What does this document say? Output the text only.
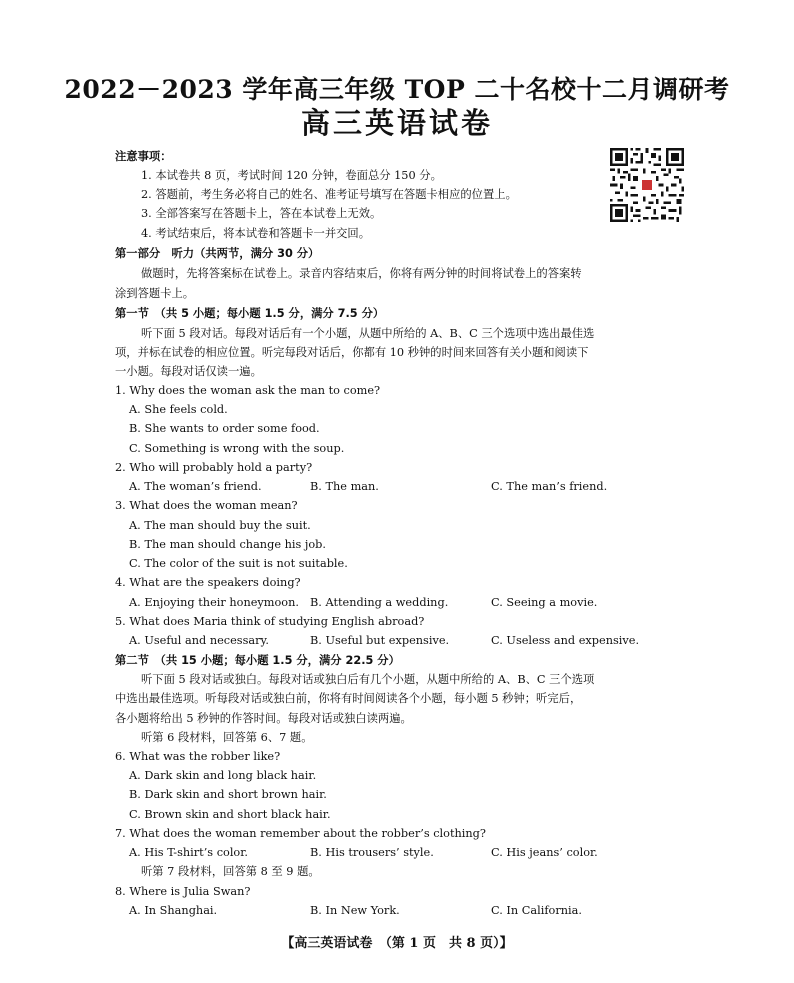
2022－2023 学年高三年级 TOP 二十名校十二月调研考
高三英语试卷
注意事项：
1. 本试卷共 8 页，考试时间 120 分钟，卷面总分 150 分。
2. 答题前，考生务必将自己的姓名、准考证号填写在答题卡相应的位置上。
3. 全部答案写在答题卡上，答在本试卷上无效。
4. 考试结束后，将本试卷和答题卡一并交回。
第一部分　听力（共两节，满分 30 分）
做题时，先将答案标在试卷上。录音内容结束后，你将有两分钟的时间将试卷上的答案转
涂到答题卡上。
第一节　（共 5 小题；每小题 1.5 分，满分 7.5 分）
听下面 5 段对话。每段对话后有一个小题，从题中所给的 A、B、C 三个选项中选出最佳选
项，并标在试卷的相应位置。听完每段对话后，你都有 10 秒钟的时间来回答有关小题和阅读下
一小题。每段对话仅读一遍。
1. Why does the woman ask the man to come?
A. She feels cold.
B. She wants to order some food.
C. Something is wrong with the soup.
2. Who will probably hold a party?
A. The woman’s friend.	B. The man.	C. The man’s friend.
3. What does the woman mean?
A. The man should buy the suit.
B. The man should change his job.
C. The color of the suit is not suitable.
4. What are the speakers doing?
A. Enjoying their honeymoon. B. Attending a wedding.	C. Seeing a movie.
5. What does Maria think of studying English abroad?
A. Useful and necessary.	B. Useful but expensive.	C. Useless and expensive.
第二节　（共 15 小题；每小题 1.5 分，满分 22.5 分）
听下面 5 段对话或独白。每段对话或独白后有几个小题，从题中所给的 A、B、C 三个选项
中选出最佳选项。听每段对话或独白前，你将有时间阅读各个小题，每小题 5 秒钟；听完后，
各小题将给出 5 秒钟的作答时间。每段对话或独白读两遍。
听第 6 段材料，回答第 6、7 题。
6. What was the robber like?
A. Dark skin and long black hair.
B. Dark skin and short brown hair.
C. Brown skin and short black hair.
7. What does the woman remember about the robber’s clothing?
A. His T-shirt’s color.	B. His trousers’ style.	C. His jeans’ color.
听第 7 段材料，回答第 8 至 9 题。
8. Where is Julia Swan?
A. In Shanghai.	B. In New York.	C. In California.
【高三英语试卷　（第 1 页　共 8 页）】
